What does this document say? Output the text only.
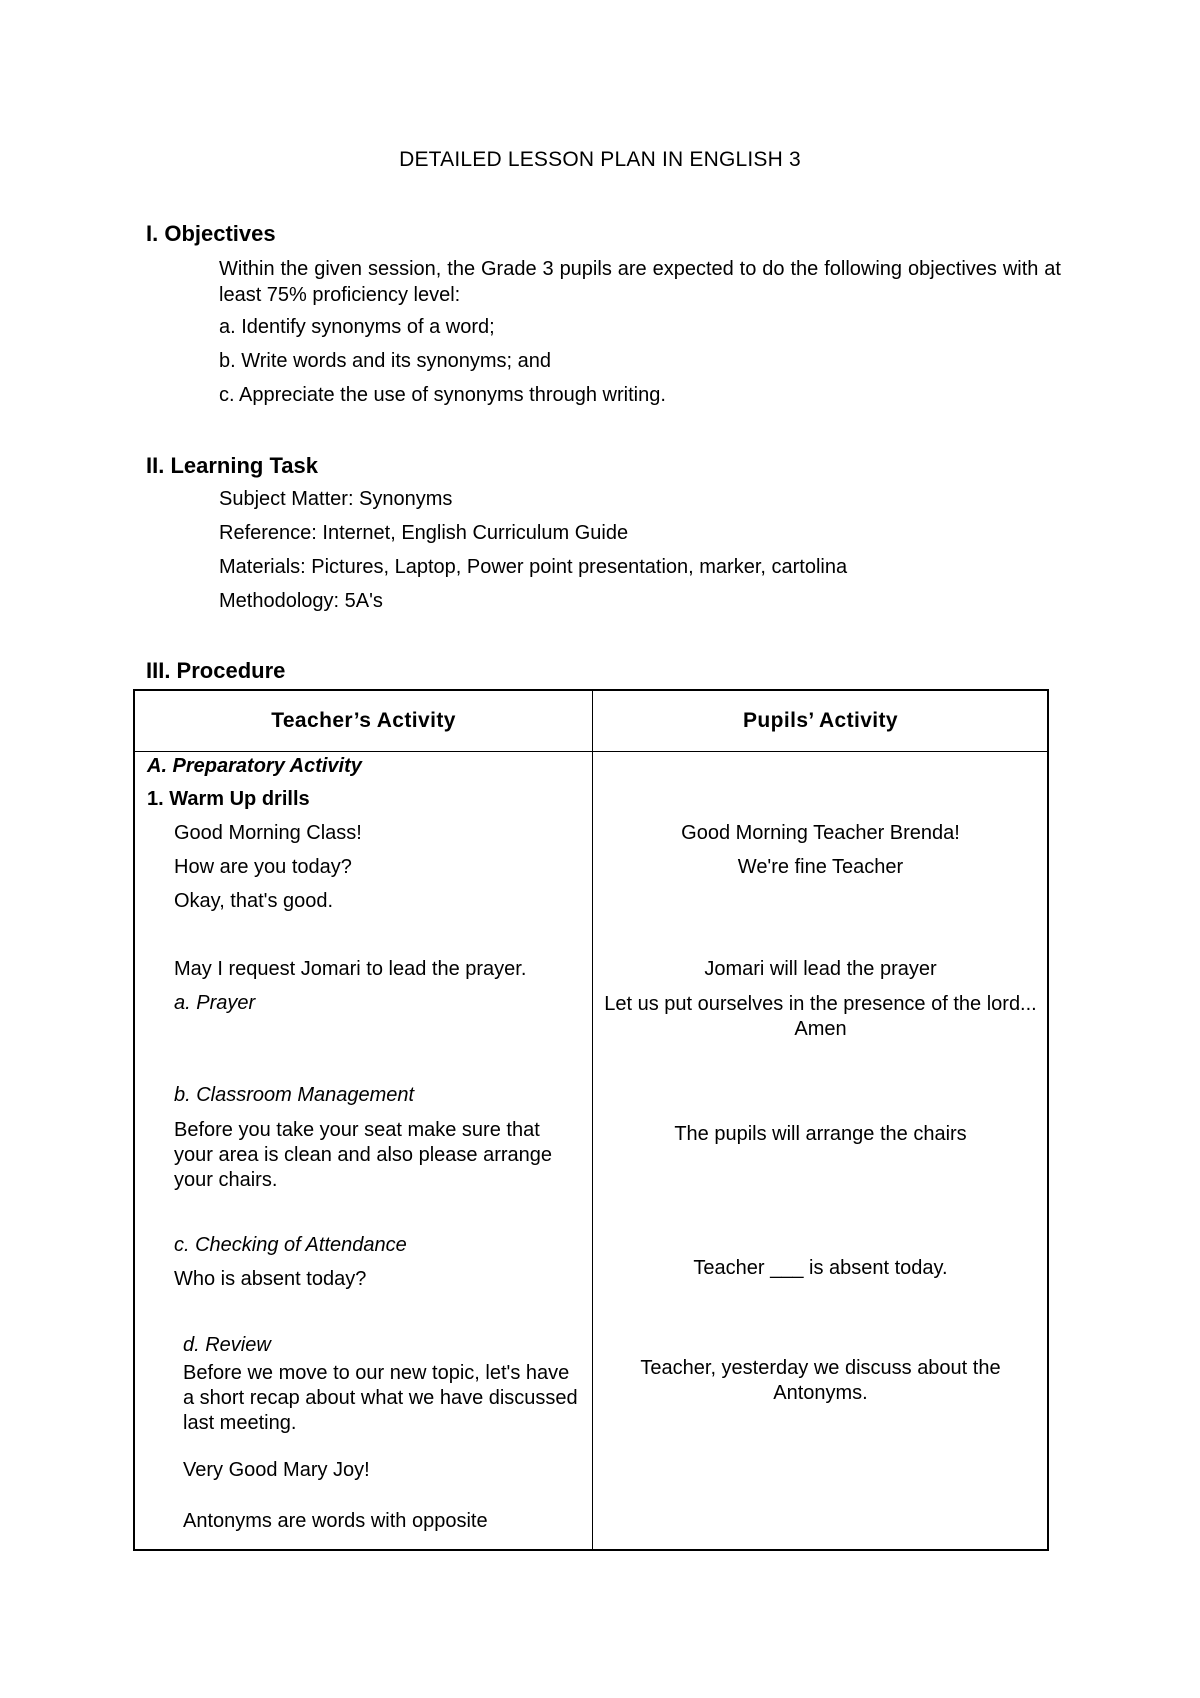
DETAILED LESSON PLAN IN ENGLISH 3
I. Objectives
Within the given session, the Grade 3 pupils are expected to do the following objectives with at least 75% proficiency level:
a. Identify synonyms of a word;
b. Write words and its synonyms; and
c. Appreciate the use of synonyms through writing.
II. Learning Task
Subject Matter: Synonyms
Reference: Internet, English Curriculum Guide
Materials: Pictures, Laptop, Power point presentation, marker, cartolina
Methodology: 5A's
III. Procedure
Teacher’s Activity	Pupils’ Activity
A. Preparatory Activity
1. Warm Up drills
Good Morning Class!
How are you today?
Okay, that's good.
May I request Jomari to lead the prayer.
a. Prayer
b. Classroom Management
Before you take your seat make sure that your area is clean and also please arrange your chairs.
c. Checking of Attendance
Who is absent today?
d. Review
Before we move to our new topic, let's have a short recap about what we have discussed last meeting.
Very Good Mary Joy!
Antonyms are words with opposite
Good Morning Teacher Brenda!
We're fine Teacher
Jomari will lead the prayer
Let us put ourselves in the presence of the lord... Amen
The pupils will arrange the chairs
Teacher ___ is absent today.
Teacher, yesterday we discuss about the Antonyms.
